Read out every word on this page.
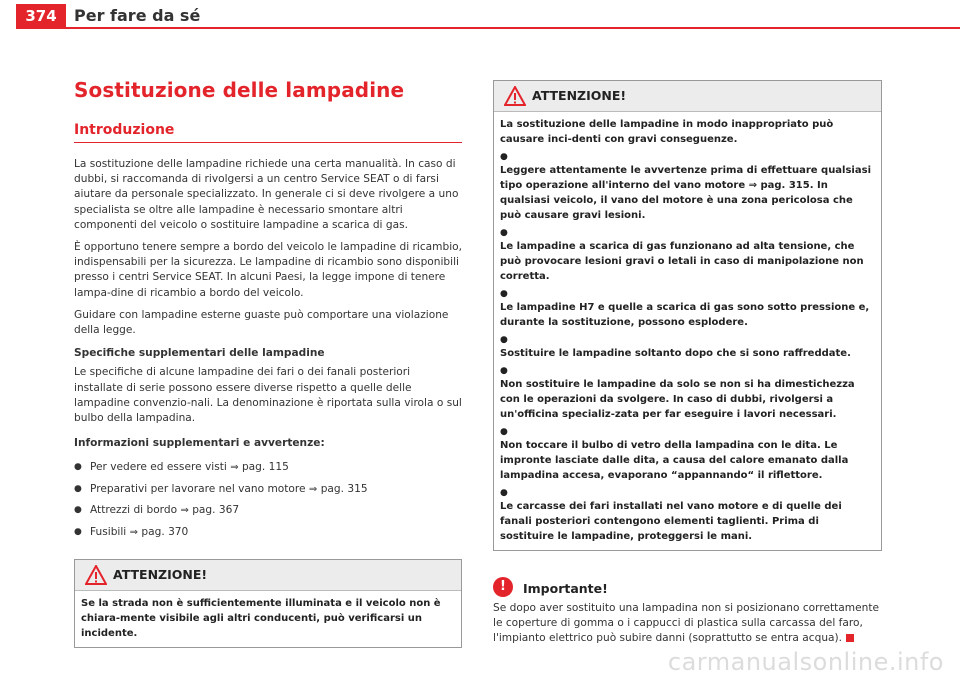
374	Per fare da sé
Sostituzione delle lampadine
Introduzione

La sostituzione delle lampadine richiede una certa manualità. In caso di dubbi, si raccomanda di rivolgersi a un centro Service SEAT o di farsi aiutare da personale specializzato. In generale ci si deve rivolgere a uno specialista se oltre alle lampadine è necessario smontare altri componenti del veicolo o sostituire lampadine a scarica di gas.

È opportuno tenere sempre a bordo del veicolo le lampadine di ricambio, indispensabili per la sicurezza. Le lampadine di ricambio sono disponibili presso i centri Service SEAT. In alcuni Paesi, la legge impone di tenere lampa-dine di ricambio a bordo del veicolo.

Guidare con lampadine esterne guaste può comportare una violazione della legge.

Specifiche supplementari delle lampadine

Le specifiche di alcune lampadine dei fari o dei fanali posteriori installate di serie possono essere diverse rispetto a quelle delle lampadine convenzio-nali. La denominazione è riportata sulla virola o sul bulbo della lampadina.

Informazioni supplementari e avvertenze:

● Per vedere ed essere visti ⇒ pag. 115
● Preparativi per lavorare nel vano motore ⇒ pag. 315
● Attrezzi di bordo ⇒ pag. 367
● Fusibili ⇒ pag. 370
ATTENZIONE!
Se la strada non è sufficientemente illuminata e il veicolo non è chiara-mente visibile agli altri conducenti, può verificarsi un incidente.
ATTENZIONE!
La sostituzione delle lampadine in modo inappropriato può causare inci-denti con gravi conseguenze.
●
Leggere attentamente le avvertenze prima di effettuare qualsiasi tipo operazione all'interno del vano motore ⇒ pag. 315. In qualsiasi veicolo, il vano del motore è una zona pericolosa che può causare gravi lesioni.
●
Le lampadine a scarica di gas funzionano ad alta tensione, che può provocare lesioni gravi o letali in caso di manipolazione non corretta.
●
Le lampadine H7 e quelle a scarica di gas sono sotto pressione e, durante la sostituzione, possono esplodere.
●
Sostituire le lampadine soltanto dopo che si sono raffreddate.
●
Non sostituire le lampadine da solo se non si ha dimestichezza con le operazioni da svolgere. In caso di dubbi, rivolgersi a un'officina specializ-zata per far eseguire i lavori necessari.
●
Non toccare il bulbo di vetro della lampadina con le dita. Le impronte lasciate dalle dita, a causa del calore emanato dalla lampadina accesa, evaporano “appannando“ il riflettore.
●
Le carcasse dei fari installati nel vano motore e di quelle dei fanali posteriori contengono elementi taglienti. Prima di sostituire le lampadine, proteggersi le mani.
!	Importante!

Se dopo aver sostituito una lampadina non si posizionano correttamente le coperture di gomma o i cappucci di plastica sulla carcassa del faro, l'impianto elettrico può subire danni (soprattutto se entra acqua).

carmanualsonline.info
